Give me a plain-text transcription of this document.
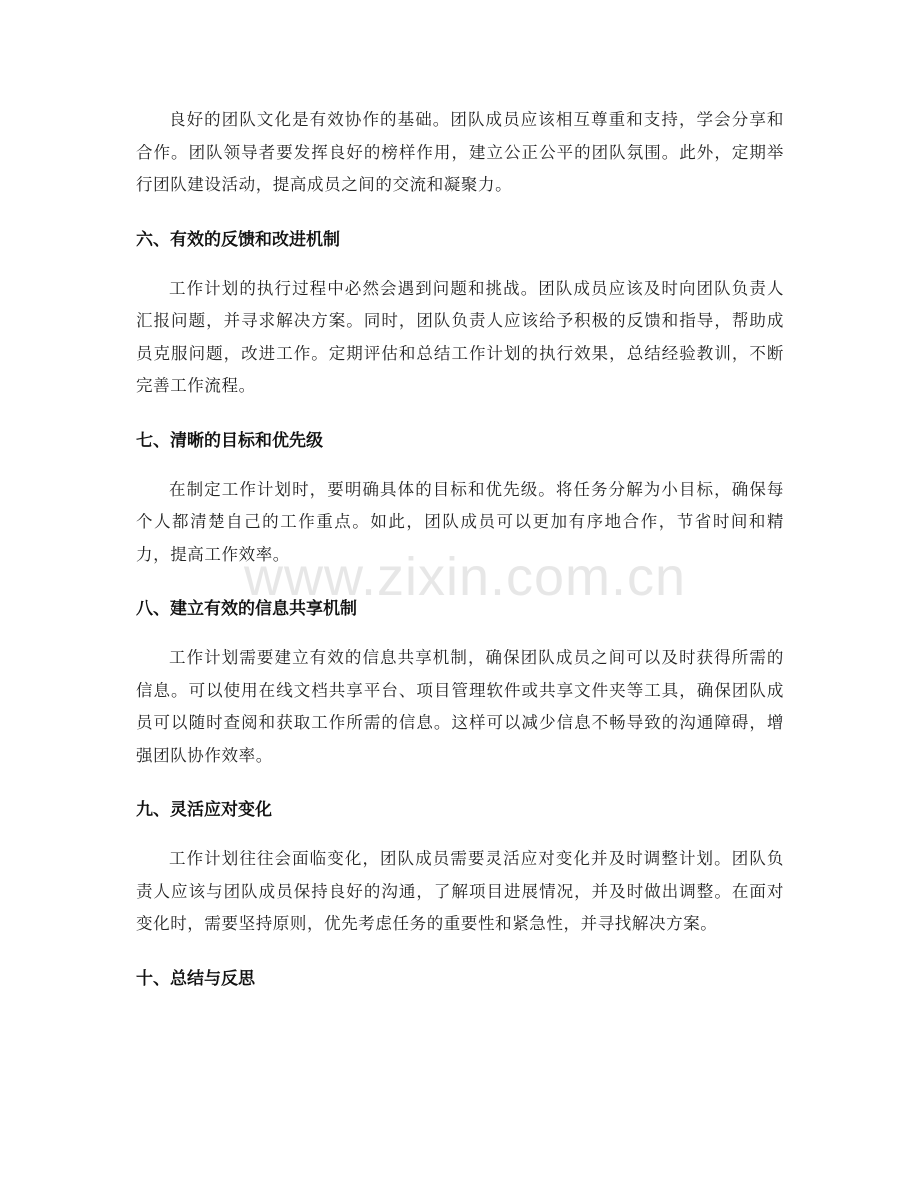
良好的团队文化是有效协作的基础。团队成员应该相互尊重和支持，学会分享和合作。团队领导者要发挥良好的榜样作用，建立公正公平的团队氛围。此外，定期举行团队建设活动，提高成员之间的交流和凝聚力。

六、有效的反馈和改进机制

工作计划的执行过程中必然会遇到问题和挑战。团队成员应该及时向团队负责人汇报问题，并寻求解决方案。同时，团队负责人应该给予积极的反馈和指导，帮助成员克服问题，改进工作。定期评估和总结工作计划的执行效果，总结经验教训，不断完善工作流程。

七、清晰的目标和优先级

在制定工作计划时，要明确具体的目标和优先级。将任务分解为小目标，确保每个人都清楚自己的工作重点。如此，团队成员可以更加有序地合作，节省时间和精力，提高工作效率。

八、建立有效的信息共享机制

工作计划需要建立有效的信息共享机制，确保团队成员之间可以及时获得所需的信息。可以使用在线文档共享平台、项目管理软件或共享文件夹等工具，确保团队成员可以随时查阅和获取工作所需的信息。这样可以减少信息不畅导致的沟通障碍，增强团队协作效率。

九、灵活应对变化

工作计划往往会面临变化，团队成员需要灵活应对变化并及时调整计划。团队负责人应该与团队成员保持良好的沟通，了解项目进展情况，并及时做出调整。在面对变化时，需要坚持原则，优先考虑任务的重要性和紧急性，并寻找解决方案。

十、总结与反思
www.zixin.com.cn
